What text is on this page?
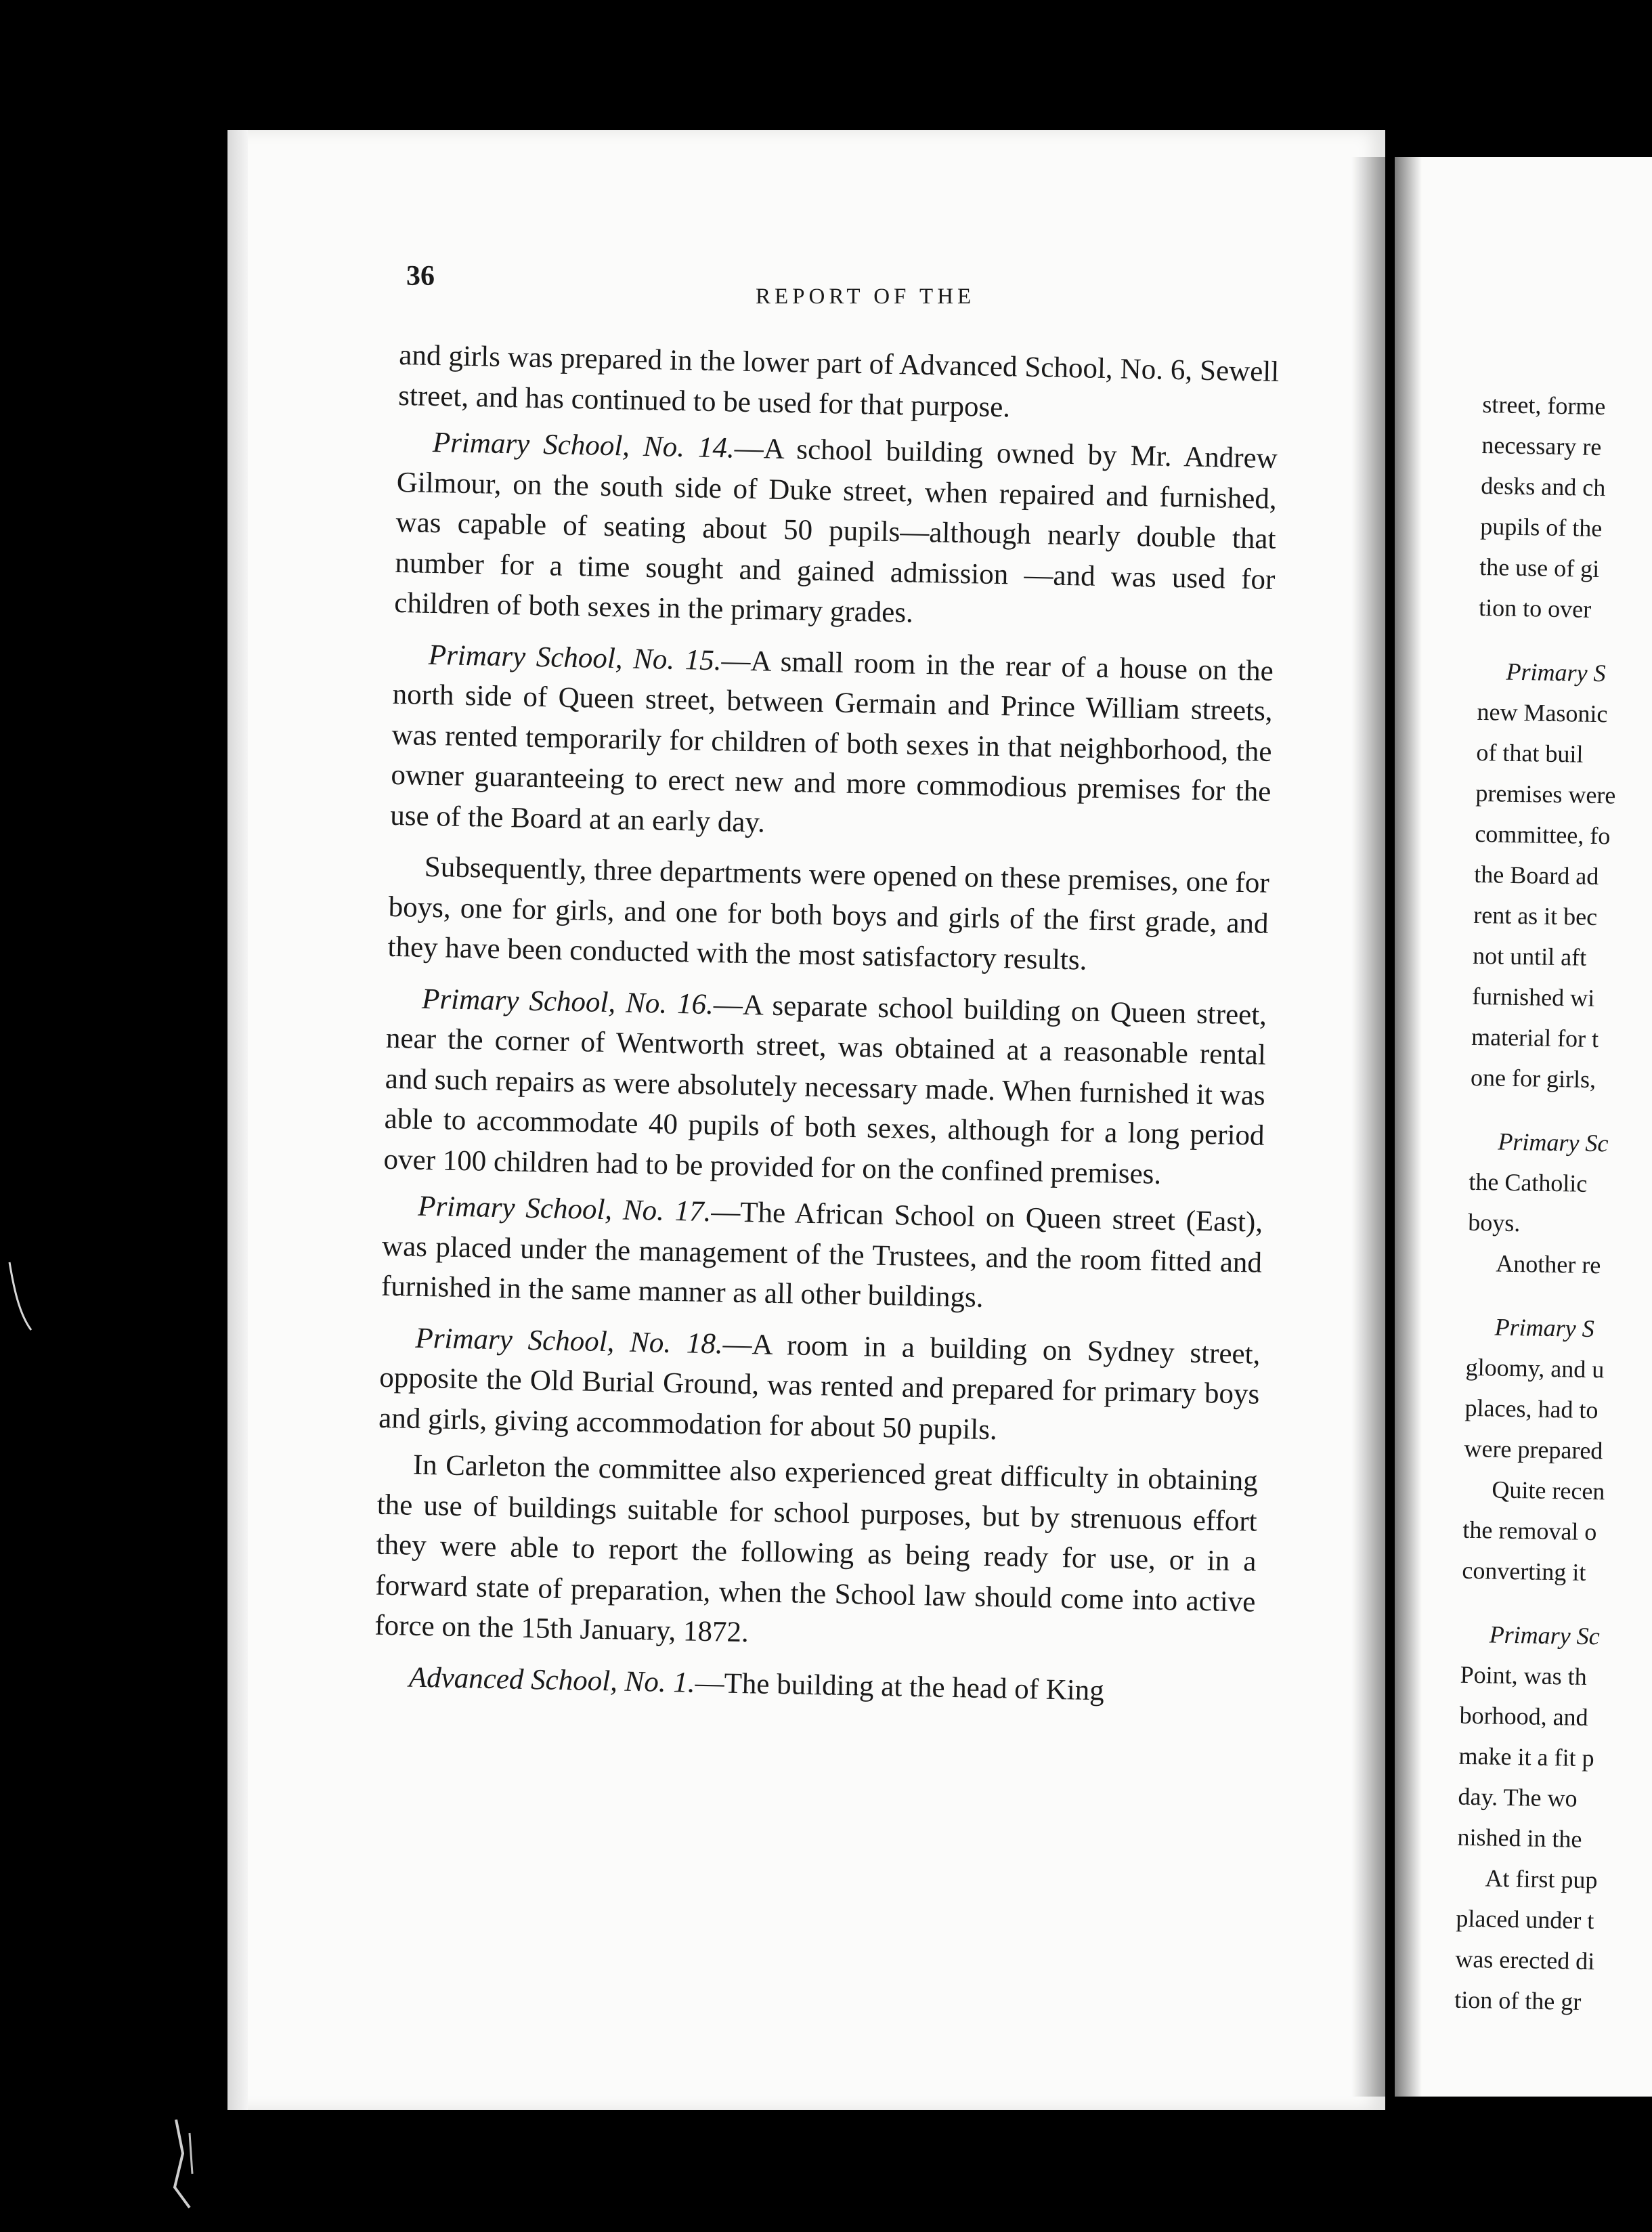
36

REPORT OF THE

and girls was prepared in the lower part of Advanced School, No. 6, Sewell street, and has continued to be used for that purpose.

Primary School, No. 14.—A school building owned by Mr. Andrew Gilmour, on the south side of Duke street, when repaired and furnished, was capable of seating about 50 pupils—although nearly double that number for a time sought and gained admission —and was used for children of both sexes in the primary grades.

Primary School, No. 15.—A small room in the rear of a house on the north side of Queen street, between Germain and Prince William streets, was rented temporarily for children of both sexes in that neighborhood, the owner guaranteeing to erect new and more commodious premises for the use of the Board at an early day.

Subsequently, three departments were opened on these premises, one for boys, one for girls, and one for both boys and girls of the first grade, and they have been conducted with the most satisfactory results.

Primary School, No. 16.—A separate school building on Queen street, near the corner of Wentworth street, was obtained at a reasonable rental and such repairs as were absolutely necessary made. When furnished it was able to accommodate 40 pupils of both sexes, although for a long period over 100 children had to be provided for on the confined premises.

Primary School, No. 17.—The African School on Queen street (East), was placed under the management of the Trustees, and the room fitted and furnished in the same manner as all other buildings.

Primary School, No. 18.—A room in a building on Sydney street, opposite the Old Burial Ground, was rented and prepared for primary boys and girls, giving accommodation for about 50 pupils.

In Carleton the committee also experienced great difficulty in obtaining the use of buildings suitable for school purposes, but by strenuous effort they were able to report the following as being ready for use, or in a forward state of preparation, when the School law should come into active force on the 15th January, 1872.

Advanced School, No. 1.—The building at the head of King

street, forme
necessary re
desks and ch
pupils of the
the use of gi
tion to over
Primary S
new Masonic
of that buil
premises were
committee, fo
the Board ad
rent as it bec
not until aft
furnished wi
material for t
one for girls,
Primary Sc
the Catholic
boys.
Another re
Primary S
gloomy, and u
places, had to
were prepared
Quite recen
the removal o
converting it
Primary Sc
Point, was th
borhood, and
make it a fit p
day. The wo
nished in the
At first pup
placed under t
was erected di
tion of the gr
